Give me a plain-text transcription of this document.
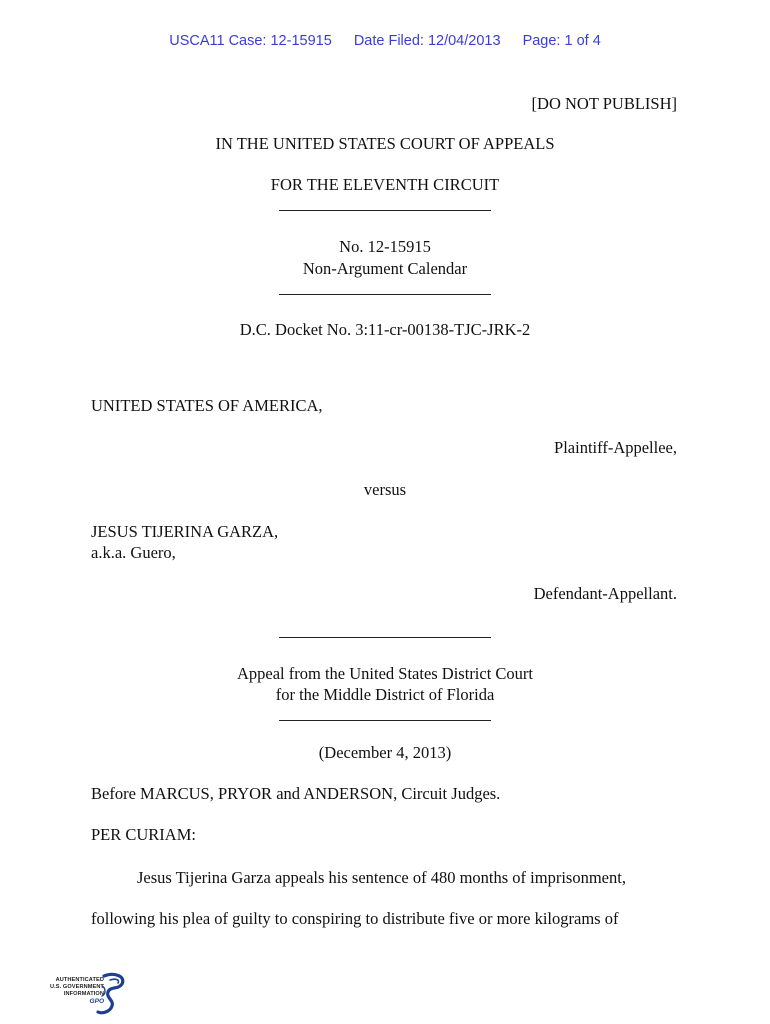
USCA11 Case: 12-15915 Date Filed: 12/04/2013 Page: 1 of 4
[DO NOT PUBLISH]
IN THE UNITED STATES COURT OF APPEALS
FOR THE ELEVENTH CIRCUIT
No. 12-15915
Non-Argument Calendar
D.C. Docket No. 3:11-cr-00138-TJC-JRK-2
UNITED STATES OF AMERICA,
Plaintiff-Appellee,
versus
JESUS TIJERINA GARZA,
a.k.a. Guero,
Defendant-Appellant.
Appeal from the United States District Court
for the Middle District of Florida
(December 4, 2013)
Before MARCUS, PRYOR and ANDERSON, Circuit Judges.
PER CURIAM:
Jesus Tijerina Garza appeals his sentence of 480 months of imprisonment,
following his plea of guilty to conspiring to distribute five or more kilograms of
AUTHENTICATED
U.S. GOVERNMENT
INFORMATION
GPO
